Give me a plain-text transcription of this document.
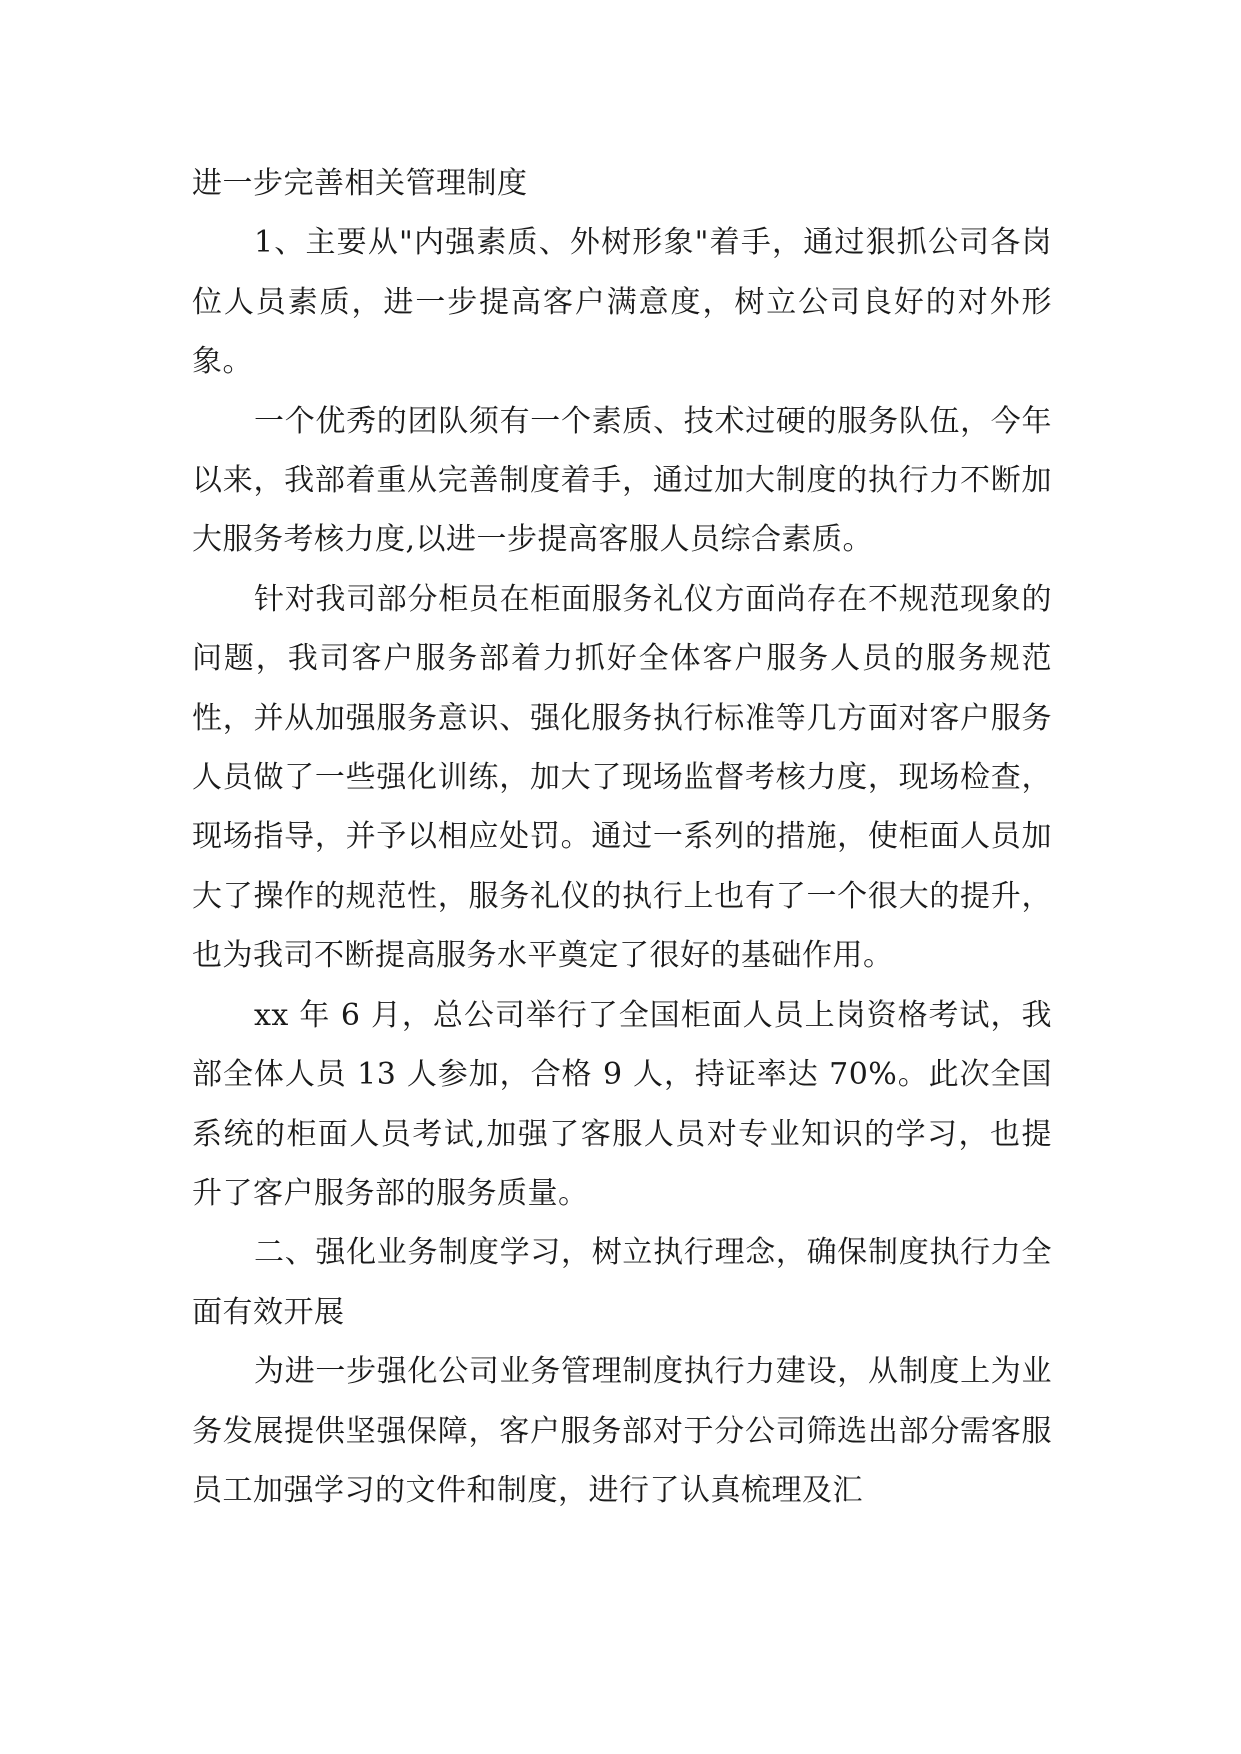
进一步完善相关管理制度

1、主要从"内强素质、外树形象"着手，通过狠抓公司各岗位人员素质，进一步提高客户满意度，树立公司良好的对外形象。

一个优秀的团队须有一个素质、技术过硬的服务队伍，今年以来，我部着重从完善制度着手，通过加大制度的执行力不断加大服务考核力度,以进一步提高客服人员综合素质。

针对我司部分柜员在柜面服务礼仪方面尚存在不规范现象的问题，我司客户服务部着力抓好全体客户服务人员的服务规范性，并从加强服务意识、强化服务执行标准等几方面对客户服务人员做了一些强化训练，加大了现场监督考核力度，现场检查，现场指导，并予以相应处罚。通过一系列的措施，使柜面人员加大了操作的规范性，服务礼仪的执行上也有了一个很大的提升，也为我司不断提高服务水平奠定了很好的基础作用。

xx 年 6 月，总公司举行了全国柜面人员上岗资格考试，我部全体人员 13 人参加，合格 9 人，持证率达 70%。此次全国系统的柜面人员考试,加强了客服人员对专业知识的学习，也提升了客户服务部的服务质量。

二、强化业务制度学习，树立执行理念，确保制度执行力全面有效开展

为进一步强化公司业务管理制度执行力建设，从制度上为业务发展提供坚强保障，客户服务部对于分公司筛选出部分需客服员工加强学习的文件和制度，进行了认真梳理及汇
